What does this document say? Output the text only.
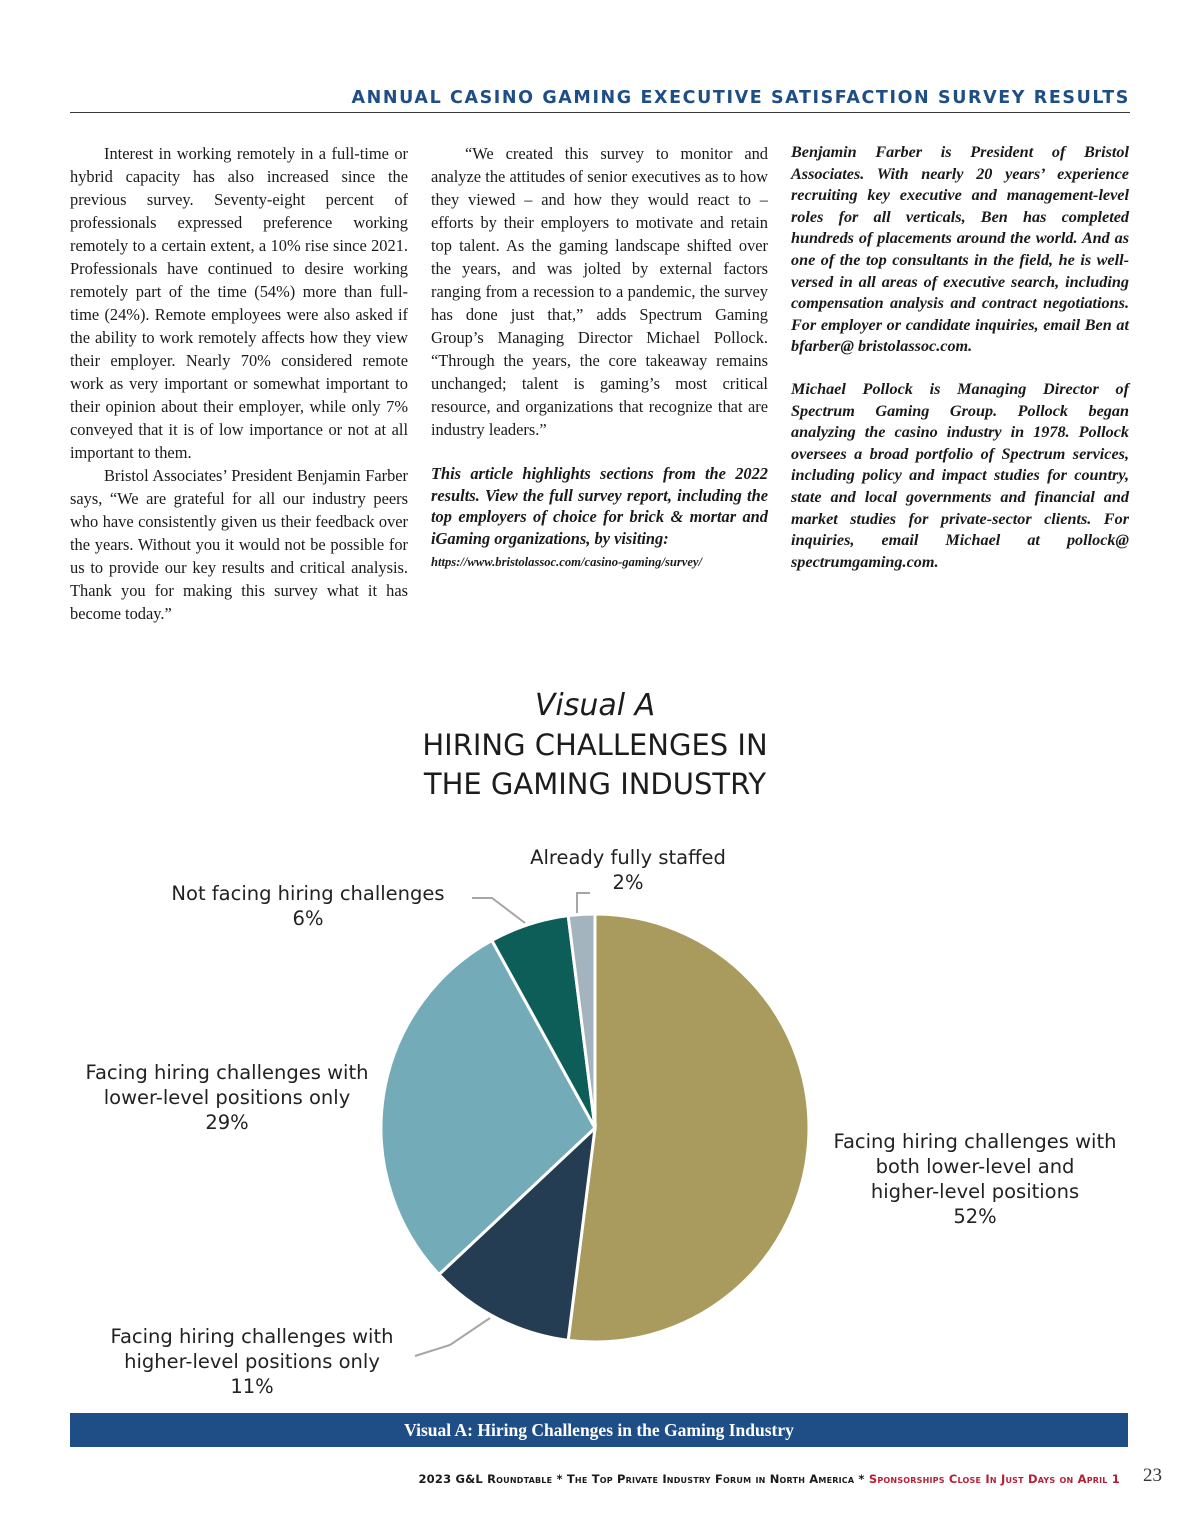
ANNUAL CASINO GAMING EXECUTIVE SATISFACTION SURVEY RESULTS

Interest in working remotely in a full-time or hybrid capacity has also increased since the previous survey. Seventy-eight percent of professionals expressed preference working remotely to a certain extent, a 10% rise since 2021. Professionals have continued to desire working remotely part of the time (54%) more than full-time (24%). Remote employees were also asked if the ability to work remotely affects how they view their employer. Nearly 70% considered remote work as very important or somewhat important to their opinion about their employer, while only 7% conveyed that it is of low importance or not at all important to them.

Bristol Associates’ President Benjamin Farber says, “We are grateful for all our industry peers who have consistently given us their feedback over the years. Without you it would not be possible for us to provide our key results and critical analysis. Thank you for making this survey what it has become today.”

“We created this survey to monitor and analyze the attitudes of senior executives as to how they viewed – and how they would react to – efforts by their employers to motivate and retain top talent. As the gaming landscape shifted over the years, and was jolted by external factors ranging from a recession to a pandemic, the survey has done just that,” adds Spectrum Gaming Group’s Managing Director Michael Pollock. “Through the years, the core takeaway remains unchanged; talent is gaming’s most critical resource, and organizations that recognize that are industry leaders.”

This article highlights sections from the 2022 results. View the full survey report, including the top employers of choice for brick & mortar and iGaming organizations, by visiting:

https://www.bristolassoc.com/casino-gaming/survey/

Benjamin Farber is President of Bristol Associates. With nearly 20 years’ experience recruiting key executive and management-level roles for all verticals, Ben has completed hundreds of placements around the world. And as one of the top consultants in the field, he is well-versed in all areas of executive search, including compensation analysis and contract negotiations. For employer or candidate inquiries, email Ben at bfarber@ bristolassoc.com.

Michael Pollock is Managing Director of Spectrum Gaming Group. Pollock began analyzing the casino industry in 1978. Pollock oversees a broad portfolio of Spectrum services, including policy and impact studies for country, state and local governments and financial and market studies for private-sector clients. For inquiries, email Michael at pollock@ spectrumgaming.com.

Visual A
HIRING CHALLENGES IN
THE GAMING INDUSTRY
Facing hiring challenges with
both lower-level and
higher-level positions
52%
Facing hiring challenges with
higher-level positions only
11%
Facing hiring challenges with
lower-level positions only
29%
Not facing hiring challenges
6%
Already fully staffed
2%
Visual A: Hiring Challenges in the Gaming Industry
2023 G&L Roundtable * The Top Private Industry Forum in North America * Sponsorships Close In Just Days on April 1 23
